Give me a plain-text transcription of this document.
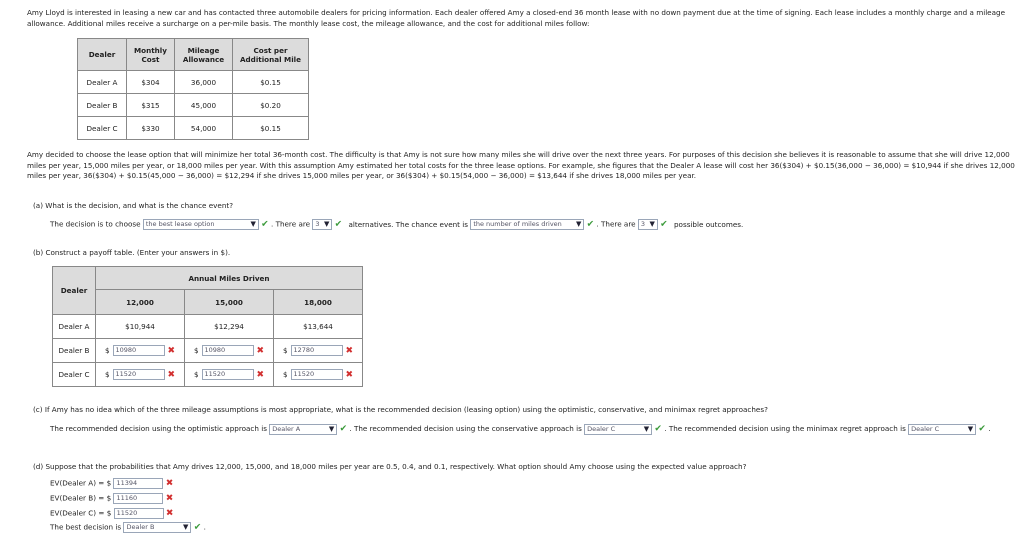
Amy Lloyd is interested in leasing a new car and has contacted three automobile dealers for pricing information. Each dealer offered Amy a closed-end 36 month lease with no down payment due at the time of signing. Each lease includes a monthly charge and a mileage allowance. Additional miles receive a surcharge on a per-mile basis. The monthly lease cost, the mileage allowance, and the cost for additional miles follow:
Dealer	Monthly Cost	Mileage Allowance	Cost per Additional Mile
Dealer A	$304	36,000	$0.15
Dealer B	$315	45,000	$0.20
Dealer C	$330	54,000	$0.15
Amy decided to choose the lease option that will minimize her total 36-month cost. The difficulty is that Amy is not sure how many miles she will drive over the next three years. For purposes of this decision she believes it is reasonable to assume that she will drive 12,000 miles per year, 15,000 miles per year, or 18,000 miles per year. With this assumption Amy estimated her total costs for the three lease options. For example, she figures that the Dealer A lease will cost her 36($304) + $0.15(36,000 − 36,000) = $10,944 if she drives 12,000 miles per year, 36($304) + $0.15(45,000 − 36,000) = $12,294 if she drives 15,000 miles per year, or 36($304) + $0.15(54,000 − 36,000) = $13,644 if she drives 18,000 miles per year.
(a) What is the decision, and what is the chance event?
The decision is to choose the best lease option	▼ ✔ . There are 3 ▼ ✔ alternatives. The chance event is the number of miles driven ▼ ✔ . There are 3 ▼ ✔ possible outcomes.
(b) Construct a payoff table. (Enter your answers in $).
Dealer	Annual Miles Driven		
	12,000	15,000	18,000
Dealer A	$10,944	$12,294	$13,644
Dealer B	$ 10980 ✖	$ 10980 ✖	$ 12780 ✖

Dealer C	$ 11520 ✖	$ 11520 ✖	$ 11520 ✖
(c) If Amy has no idea which of the three mileage assumptions is most appropriate, what is the recommended decision (leasing option) using the optimistic, conservative, and minimax regret approaches?
The recommended decision using the optimistic approach is Dealer A	▼ ✔ . The recommended decision using the conservative approach is Dealer C	▼ ✔ . The recommended decision using the minimax regret approach is Dealer C	▼ ✔ .
(d) Suppose that the probabilities that Amy drives 12,000, 15,000, and 18,000 miles per year are 0.5, 0.4, and 0.1, respectively. What option should Amy choose using the expected value approach?
EV(Dealer A) = $ 11394	✖
EV(Dealer B) = $ 11160	✖
EV(Dealer C) = $ 11520	✖
The best decision is Dealer B	▼ ✔ .
